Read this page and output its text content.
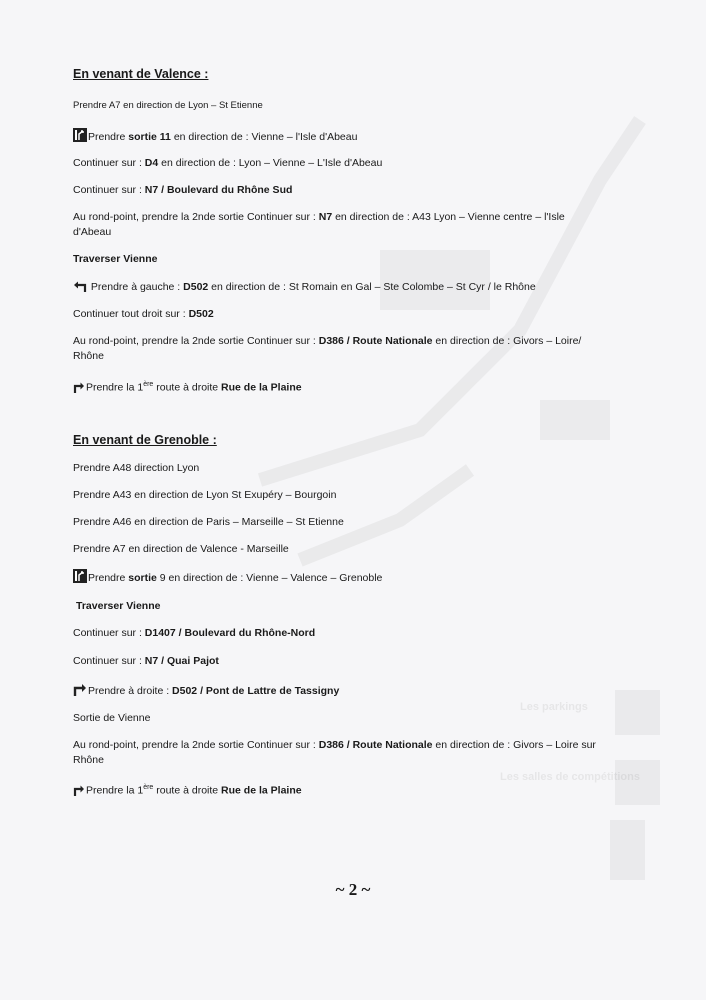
Les parkings
Les salles de compétitions
En venant de Valence :

Prendre A7 en direction de Lyon – St Etienne

Prendre sortie 11 en direction de : Vienne – l'Isle d'Abeau

Continuer sur : D4 en direction de : Lyon – Vienne – L'Isle d'Abeau

Continuer sur : N7 / Boulevard du Rhône Sud

Au rond-point, prendre la 2nde sortie Continuer sur : N7 en direction de : A43 Lyon – Vienne centre – l'Isle

d'Abeau

Traverser Vienne

Prendre à gauche : D502 en direction de : St Romain en Gal – Ste Colombe – St Cyr / le Rhône

Continuer tout droit sur : D502

Au rond-point, prendre la 2nde sortie Continuer sur : D386 / Route Nationale en direction de : Givors – Loire/

Rhône

Prendre la 1ère route à droite Rue de la Plaine

En venant de Grenoble :

Prendre A48 direction Lyon

Prendre A43 en direction de Lyon St Exupéry – Bourgoin

Prendre A46 en direction de Paris – Marseille – St Etienne

Prendre A7 en direction de Valence - Marseille

Prendre sortie 9 en direction de : Vienne – Valence – Grenoble

Traverser Vienne

Continuer sur : D1407 / Boulevard du Rhône-Nord

Continuer sur : N7 / Quai Pajot

Prendre à droite : D502 / Pont de Lattre de Tassigny

Sortie de Vienne

Au rond-point, prendre la 2nde sortie Continuer sur : D386 / Route Nationale en direction de : Givors – Loire sur

Rhône

Prendre la 1ère route à droite Rue de la Plaine

~ 2 ~
